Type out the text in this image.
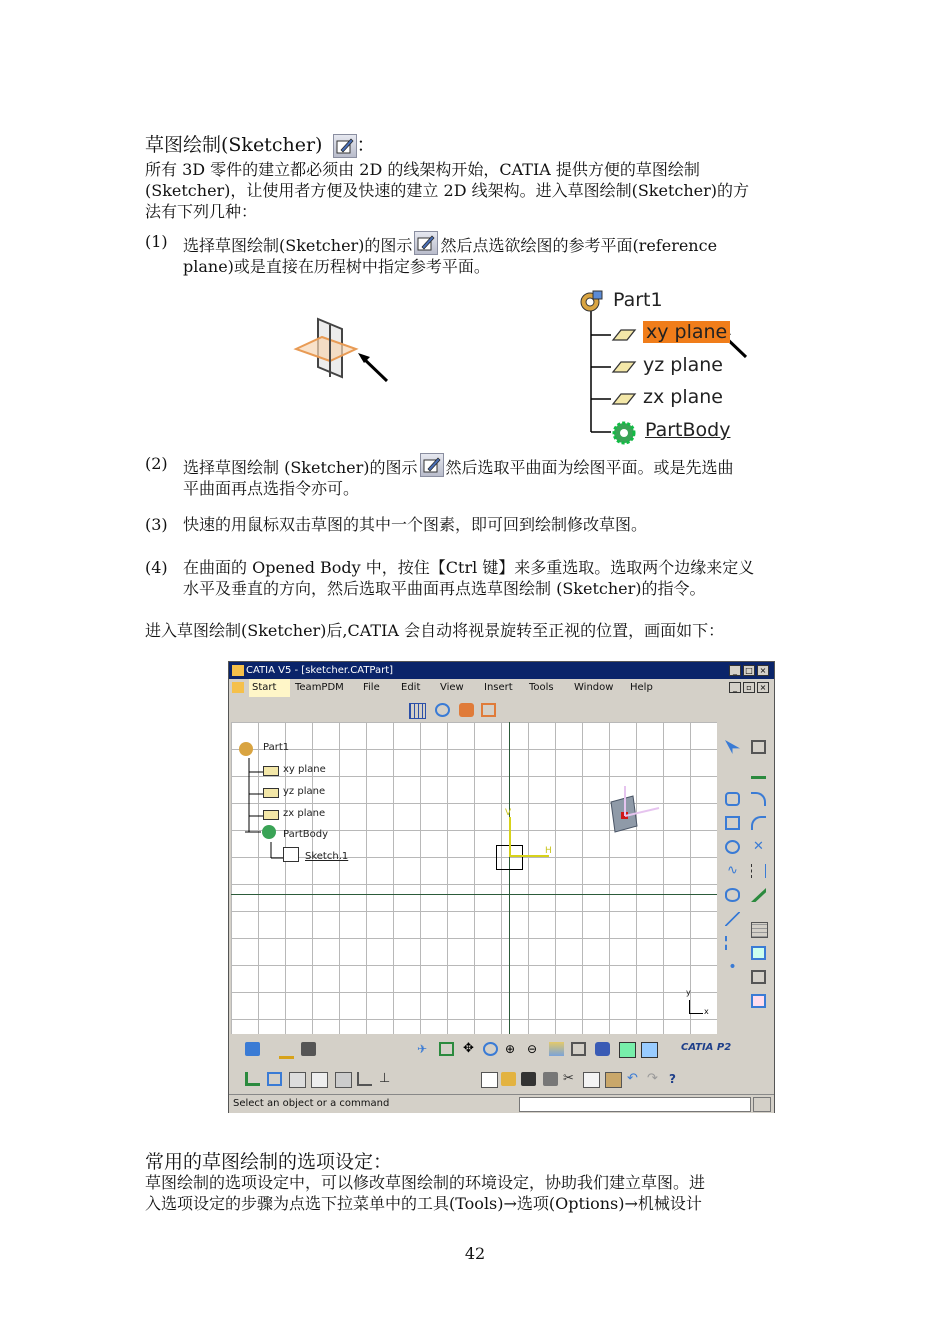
草图绘制(Sketcher) ：
所有 3D 零件的建立都必须由 2D 的线架构开始，CATIA 提供方便的草图绘制
(Sketcher)，让使用者方便及快速的建立 2D 线架构。进入草图绘制(Sketcher)的方
法有下列几种：
(1) 选择草图绘制(Sketcher)的图示 然后点选欲绘图的参考平面(reference
plane)或是直接在历程树中指定参考平面。
Part1
xy plane
yz plane
zx plane
PartBody
(2) 选择草图绘制 (Sketcher)的图示 然后选取平曲面为绘图平面。或是先选曲
平曲面再点选指令亦可。
(3) 快速的用鼠标双击草图的其中一个图素，即可回到绘制修改草图。
(4) 在曲面的 Opened Body 中，按住【Ctrl 键】来多重选取。选取两个边缘来定义
水平及垂直的方向，然后选取平曲面再点选草图绘制 (Sketcher)的指令。
进入草图绘制(Sketcher)后,CATIA 会自动将视景旋转至正视的位置，画面如下：
CATIA V5 - [sketcher.CATPart]	_	□ ×
Start	TeamPDM File Edit View Insert Tools Window Help	_	▫ ×
H
V
Part1
xy plane
yz plane
zx plane
PartBody
Sketch.1
y
x
✕
∿
•
✈	✥	⊕ ⊖	CATIA P2
⊥	✂	↶ ↷ ?
Select an object or a command
常用的草图绘制的选项设定：
草图绘制的选项设定中，可以修改草图绘制的环境设定，协助我们建立草图。进
入选项设定的步骤为点选下拉菜单中的工具(Tools)→选项(Options)→机械设计
42
